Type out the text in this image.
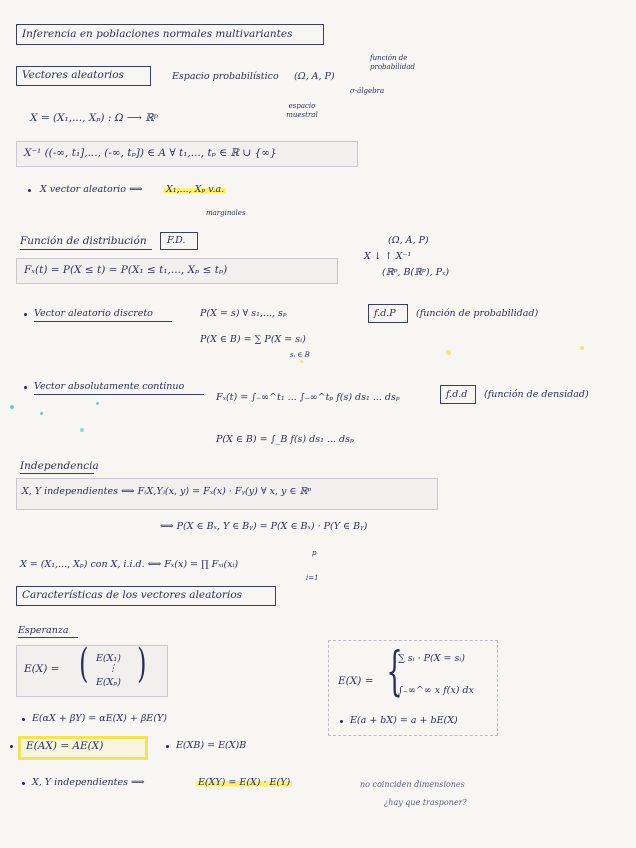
Inferencia en poblaciones normales multivariantes
Vectores aleatorios	Espacio probabilístico (Ω, A, P)
función de probabilidad
σ-álgebra
espacio muestral
X = (X₁,..., Xₚ) : Ω ⟶ ℝᵖ
X⁻¹ ((-∞, t₁],..., (-∞, tₚ]) ∈ A ∀ t₁,..., tₚ ∈ ℝ ∪ {∞}
X vector aleatorio ⟺ X₁,..., Xₚ v.a.
marginales
Función de distribución F.D.	(Ω, A, P)
X ↓ ↑ X⁻¹
(ℝᵖ, B(ℝᵖ), Pₓ)
Fₓ(t) = P(X ≤ t) = P(X₁ ≤ t₁,..., Xₚ ≤ tₚ)
Vector aleatorio discreto	P(X = s) ∀ s₁,..., sₚ	f.d.P (función de probabilidad)
P(X ∈ B) = ∑ P(X = sᵢ)
sᵢ ∈ B
Vector absolutamente continuo
Fₓ(t) = ∫₋∞^t₁ ... ∫₋∞^tₚ f(s) ds₁ ... dsₚ	f.d.d (función de densidad)
P(X ∈ B) = ∫_B f(s) ds₁ ... dsₚ
Independencia
X, Y independientes ⟺ F₍X,Y₎(x, y) = Fₓ(x) · Fᵧ(y) ∀ x, y ∈ ℝᵖ
⟺ P(X ∈ Bₓ, Y ∈ Bᵧ) = P(X ∈ Bₓ) · P(Y ∈ Bᵧ)
X = (X₁,..., Xₚ) con X, i.i.d. ⟺ Fₓ(x) = ∏ Fₓᵢ(xᵢ)
p
i=1
Características de los vectores aleatorios
Esperanza
E(X) = ( )
E(X₁)
⋮
E(Xₚ)	E(X) = {
∑ sᵢ · P(X = sᵢ)
∫₋∞^∞ x f(x) dx
E(a + bX) = a + bE(X)
E(αX + βY) = αE(X) + βE(Y)
E(AX) = AE(X)	E(XB) = E(X)B
X, Y independientes ⟹	E(XY) = E(X) · E(Y)	no coinciden dimensiones
¿hay que trasponer?
